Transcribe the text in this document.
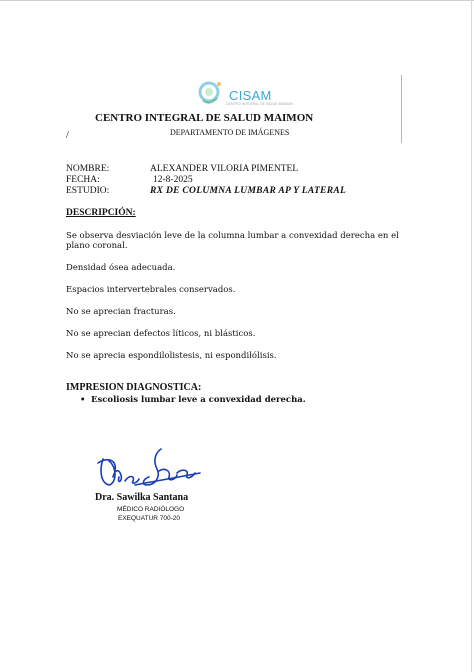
CISAM
CENTRO INTEGRAL DE SALUD MAIMON
CENTRO INTEGRAL DE SALUD MAIMON
DEPARTAMENTO DE IMÁGENES
/
NOMBRE:	ALEXANDER VILORIA PIMENTEL
FECHA:	12-8-2025
ESTUDIO:	RX DE COLUMNA LUMBAR AP Y LATERAL
DESCRIPCIÓN:
Se observa desviación leve de la columna lumbar a convexidad derecha en el plano coronal.
Densidad ósea adecuada.
Espacios intervertebrales conservados.
No se aprecian fracturas.
No se aprecian defectos líticos, ni blásticos.
No se aprecia espondilolistesis, ni espondilólisis.
IMPRESION DIAGNOSTICA:
• Escoliosis lumbar leve a convexidad derecha.
Dra. Sawilka Santana
MÉDICO RADIÓLOGO
EXEQUATUR 700-20
